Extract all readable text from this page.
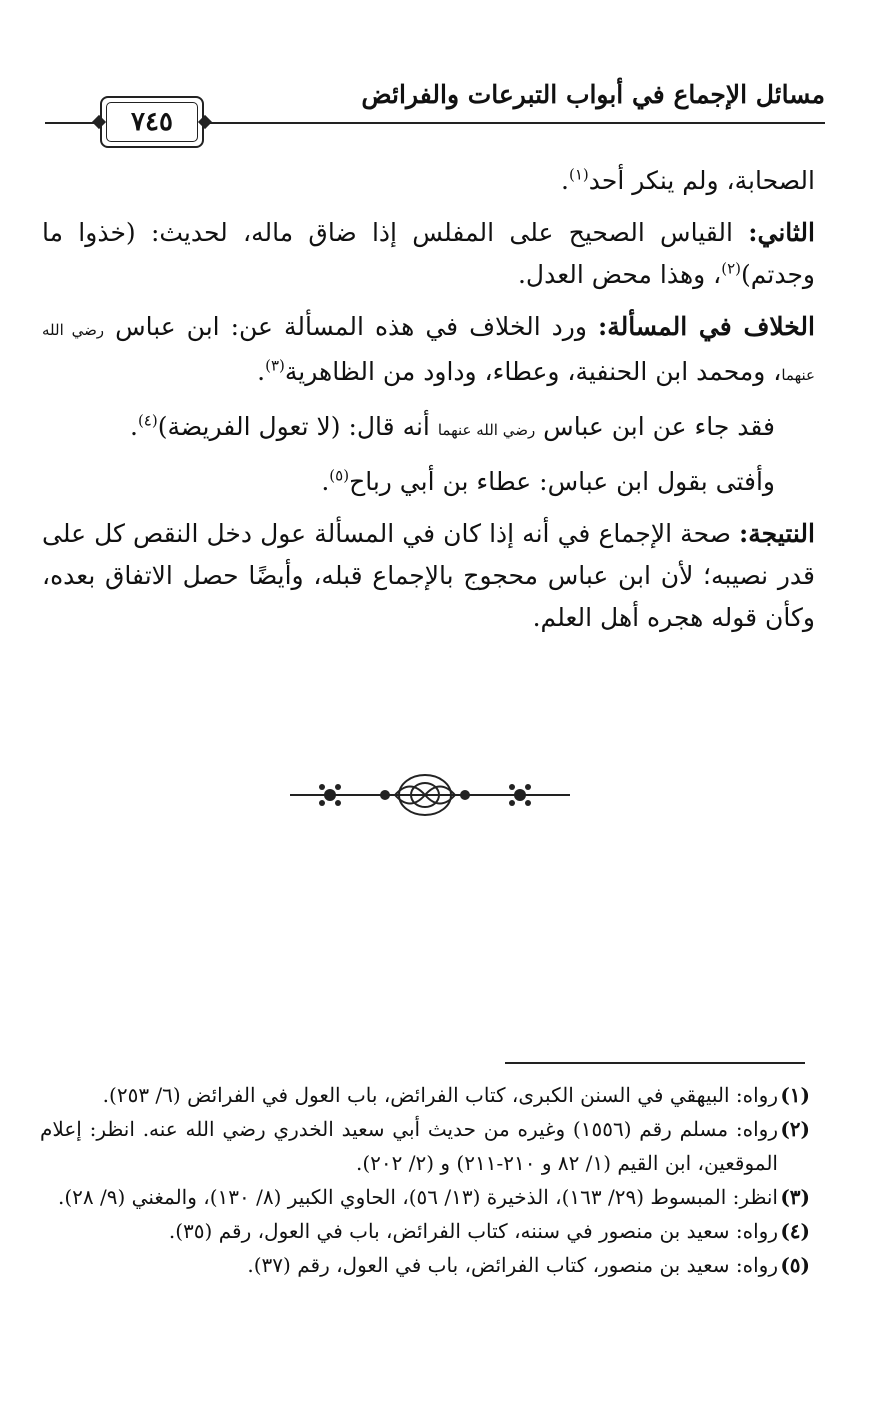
مسائل الإجماع في أبواب التبرعات والفرائض
٧٤٥

الصحابة، ولم ينكر أحد$^{(١)}$.

الثاني: القياس الصحيح على المفلس إذا ضاق ماله، لحديث: (خذوا ما وجدتم)$^{(٢)}$، وهذا محض العدل.

الخلاف في المسألة: ورد الخلاف في هذه المسألة عن: ابن عباس رضي الله عنهما، ومحمد ابن الحنفية، وعطاء، وداود من الظاهرية$^{(٣)}$.

فقد جاء عن ابن عباس رضي الله عنهما أنه قال: (لا تعول الفريضة)$^{(٤)}$.

وأفتى بقول ابن عباس: عطاء بن أبي رباح$^{(٥)}$.

النتيجة: صحة الإجماع في أنه إذا كان في المسألة عول دخل النقص كل على قدر نصيبه؛ لأن ابن عباس محجوج بالإجماع قبله، وأيضًا حصل الاتفاق بعده، وكأن قوله هجره أهل العلم.

(١)
رواه: البيهقي في السنن الكبرى، كتاب الفرائض، باب العول في الفرائض (٦/ ٢٥٣).
(٢)
رواه: مسلم رقم (١٥٥٦) وغيره من حديث أبي سعيد الخدري رضي الله عنه. انظر: إعلام الموقعين، ابن القيم (١/ ٨٢ و ٢١٠-٢١١) و (٢/ ٢٠٢).
(٣)
انظر: المبسوط (٢٩/ ١٦٣)، الذخيرة (١٣/ ٥٦)، الحاوي الكبير (٨/ ١٣٠)، والمغني (٩/ ٢٨).
(٤)
رواه: سعيد بن منصور في سننه، كتاب الفرائض، باب في العول، رقم (٣٥).
(٥)
رواه: سعيد بن منصور، كتاب الفرائض، باب في العول، رقم (٣٧).
